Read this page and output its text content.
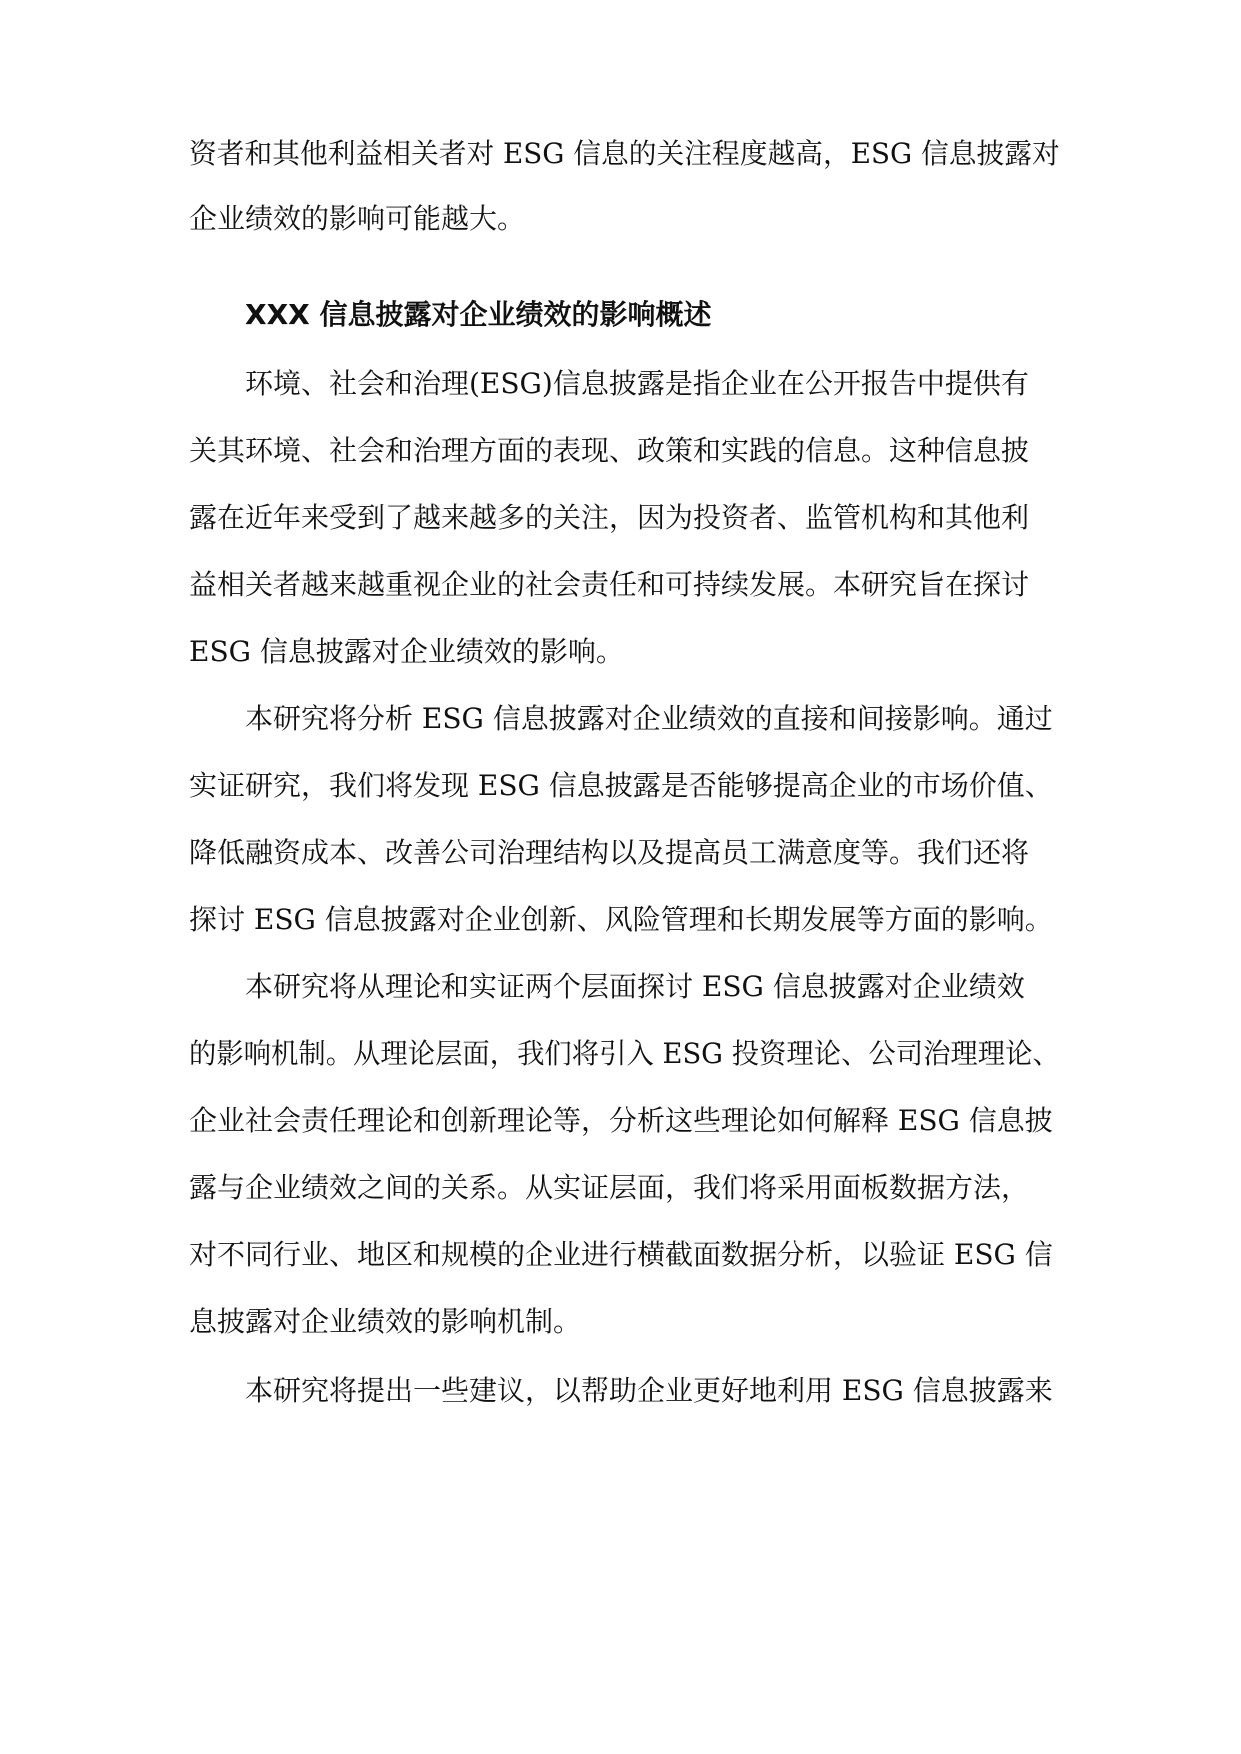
资者和其他利益相关者对 ESG 信息的关注程度越高，ESG 信息披露对
企业绩效的影响可能越大。
XXX 信息披露对企业绩效的影响概述
环境、社会和治理(ESG)信息披露是指企业在公开报告中提供有
关其环境、社会和治理方面的表现、政策和实践的信息。这种信息披
露在近年来受到了越来越多的关注，因为投资者、监管机构和其他利
益相关者越来越重视企业的社会责任和可持续发展。本研究旨在探讨
ESG 信息披露对企业绩效的影响。
本研究将分析 ESG 信息披露对企业绩效的直接和间接影响。通过
实证研究，我们将发现 ESG 信息披露是否能够提高企业的市场价值、
降低融资成本、改善公司治理结构以及提高员工满意度等。我们还将
探讨 ESG 信息披露对企业创新、风险管理和长期发展等方面的影响。
本研究将从理论和实证两个层面探讨 ESG 信息披露对企业绩效
的影响机制。从理论层面，我们将引入 ESG 投资理论、公司治理理论、
企业社会责任理论和创新理论等，分析这些理论如何解释 ESG 信息披
露与企业绩效之间的关系。从实证层面，我们将采用面板数据方法，
对不同行业、地区和规模的企业进行横截面数据分析，以验证 ESG 信
息披露对企业绩效的影响机制。
本研究将提出一些建议，以帮助企业更好地利用 ESG 信息披露来
